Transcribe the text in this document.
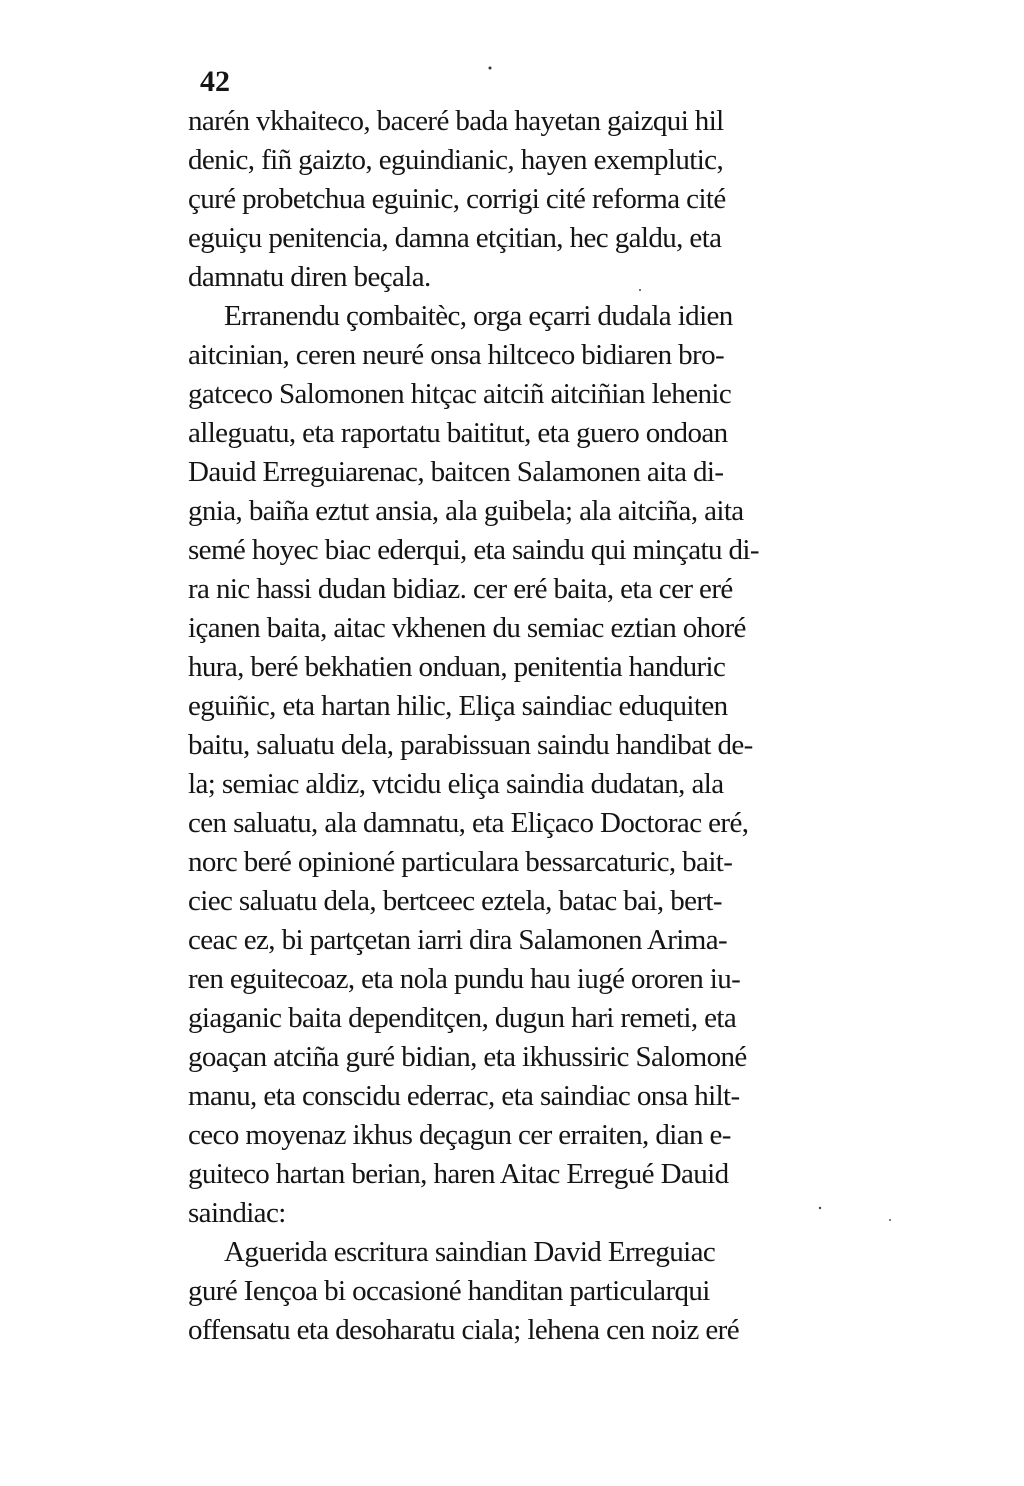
42
narén vkhaiteco, baceré bada hayetan gaizqui hil
denic, fiñ gaizto, eguindianic, hayen exemplutic,
çuré probetchua eguinic, corrigi cité reforma cité
eguiçu penitencia, damna etçitian, hec galdu, eta
damnatu diren beçala.
Erranendu çombaitèc, orga eçarri dudala idien
aitcinian, ceren neuré onsa hiltceco bidiaren bro-
gatceco Salomonen hitçac aitciñ aitciñian lehenic
alleguatu, eta raportatu baititut, eta guero ondoan
Dauid Erreguiarenac, baitcen Salamonen aita di-
gnia, baiña eztut ansia, ala guibela; ala aitciña, aita
semé hoyec biac ederqui, eta saindu qui minçatu di-
ra nic hassi dudan bidiaz. cer eré baita, eta cer eré
içanen baita, aitac vkhenen du semiac eztian ohoré
hura, beré bekhatien onduan, penitentia handuric
eguiñic, eta hartan hilic, Eliça saindiac eduquiten
baitu, saluatu dela, parabissuan saindu handibat de-
la; semiac aldiz, vtcidu eliça saindia dudatan, ala
cen saluatu, ala damnatu, eta Eliçaco Doctorac eré,
norc beré opinioné particulara bessarcaturic, bait-
ciec saluatu dela, bertceec eztela, batac bai, bert-
ceac ez, bi partçetan iarri dira Salamonen Arima-
ren eguitecoaz, eta nola pundu hau iugé ororen iu-
giaganic baita dependitçen, dugun hari remeti, eta
goaçan atciña guré bidian, eta ikhussiric Salomoné
manu, eta conscidu ederrac, eta saindiac onsa hilt-
ceco moyenaz ikhus deçagun cer erraiten, dian e-
guiteco hartan berian, haren Aitac Erregué Dauid
saindiac:
Aguerida escritura saindian David Erreguiac
guré Iençoa bi occasioné handitan particularqui
offensatu eta desoharatu ciala; lehena cen noiz eré
